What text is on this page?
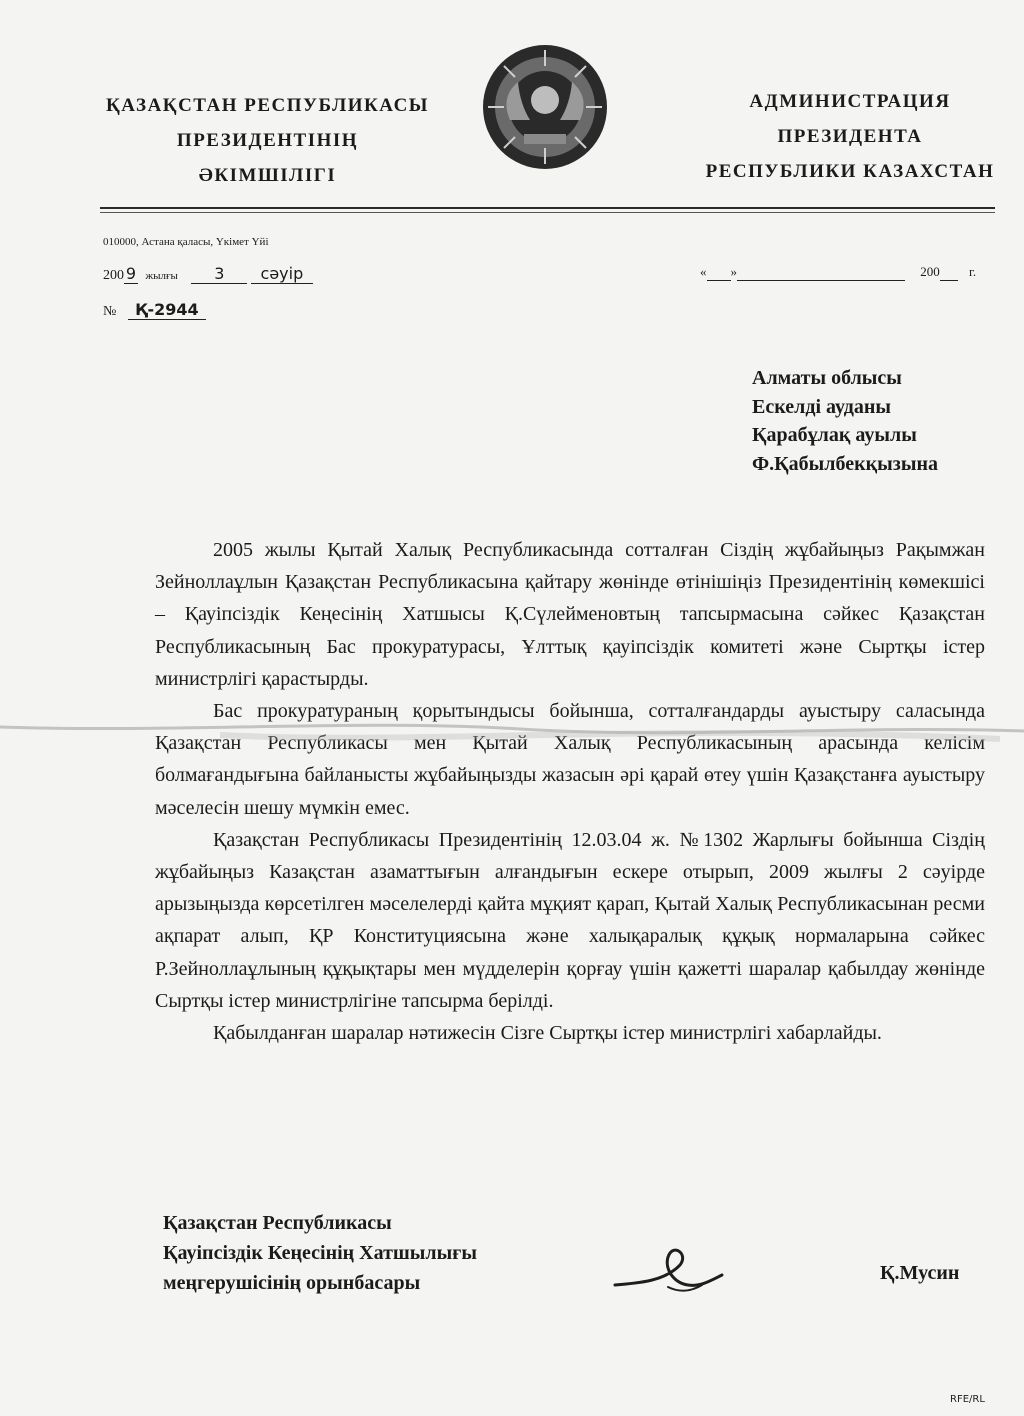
ҚАЗАҚСТАН РЕСПУБЛИКАСЫ
ПРЕЗИДЕНТІНІҢ
ӘКІМШІЛІГІ
АДМИНИСТРАЦИЯ
ПРЕЗИДЕНТА
РЕСПУБЛИКИ КАЗАХСТАН
010000, Астана қаласы, Үкімет Үйі
200 9 жылғы 3 сәуір
№ Қ-2944
« »	200 г.
Алматы облысы
Ескелді ауданы
Қарабұлақ ауылы
Ф.Қабылбекқызына

2005 жылы Қытай Халық Республикасында сотталған Сіздің жұбайыңыз Рақымжан Зейноллаұлын Қазақстан Республикасына қайтару жөнінде өтінішіңіз Президентінің көмекшісі – Қауіпсіздік Кеңесінің Хатшысы Қ.Сүлейменовтың тапсырмасына сәйкес Қазақстан Республикасының Бас прокуратурасы, Ұлттық қауіпсіздік комитеті және Сыртқы істер министрлігі қарастырды.

Бас прокуратураның қорытындысы бойынша, сотталғандарды ауыстыру саласында Қазақстан Республикасы мен Қытай Халық Республикасының арасында келісім болмағандығына байланысты жұбайыңызды жазасын әрі қарай өтеу үшін Қазақстанға ауыстыру мәселесін шешу мүмкін емес.

Қазақстан Республикасы Президентінің 12.03.04 ж. №1302 Жарлығы бойынша Сіздің жұбайыңыз Казақстан азаматтығын алғандығын ескере отырып, 2009 жылғы 2 сәуірде арызыңызда көрсетілген мәселелерді қайта мұқият қарап, Қытай Халық Республикасынан ресми ақпарат алып, ҚР Конституциясына және халықаралық құқық нормаларына сәйкес Р.Зейноллаұлының құқықтары мен мүдделерін қорғау үшін қажетті шаралар қабылдау жөнінде Сыртқы істер министрлігіне тапсырма берілді.

Қабылданған шаралар нәтижесін Сізге Сыртқы істер министрлігі хабарлайды.

Қазақстан Республикасы
Қауіпсіздік Кеңесінің Хатшылығы
меңгерушісінің орынбасары	Қ.Мусин
RFE/RL
